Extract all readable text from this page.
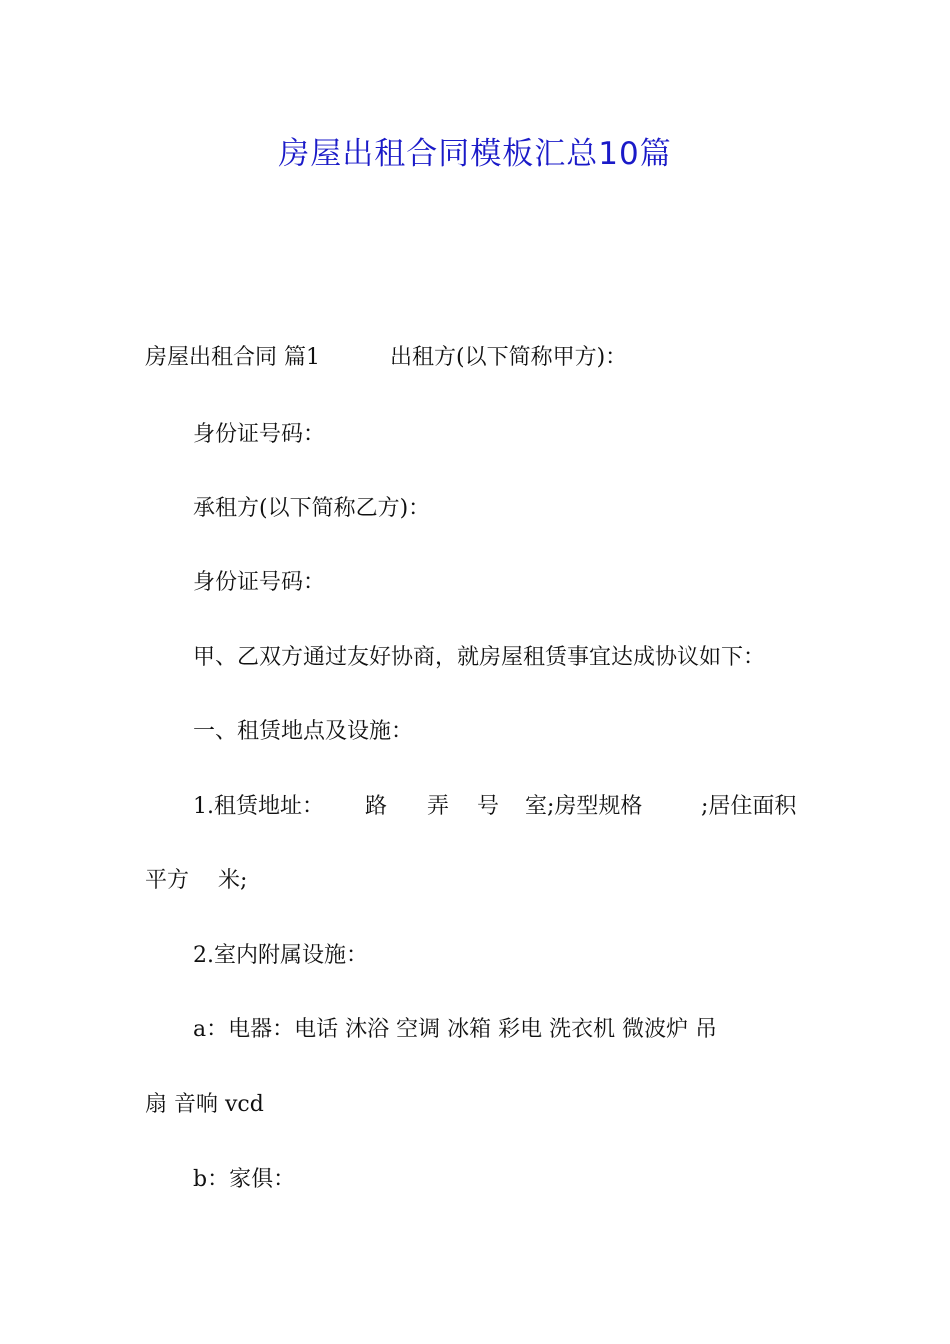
房屋出租合同模板汇总10篇
房屋出租合同 篇1	出租方(以下简称甲方)：
身份证号码：
承租方(以下简称乙方)：
身份证号码：
甲、乙双方通过友好协商，就房屋租赁事宜达成协议如下：
一、租赁地点及设施：
1.租赁地址： 路 弄 号 室;房型规格	;居住面积
平方 米;
2.室内附属设施：
a：电器：电话 沐浴 空调 冰箱 彩电 洗衣机 微波炉 吊
扇 音响 vcd
b：家俱：
